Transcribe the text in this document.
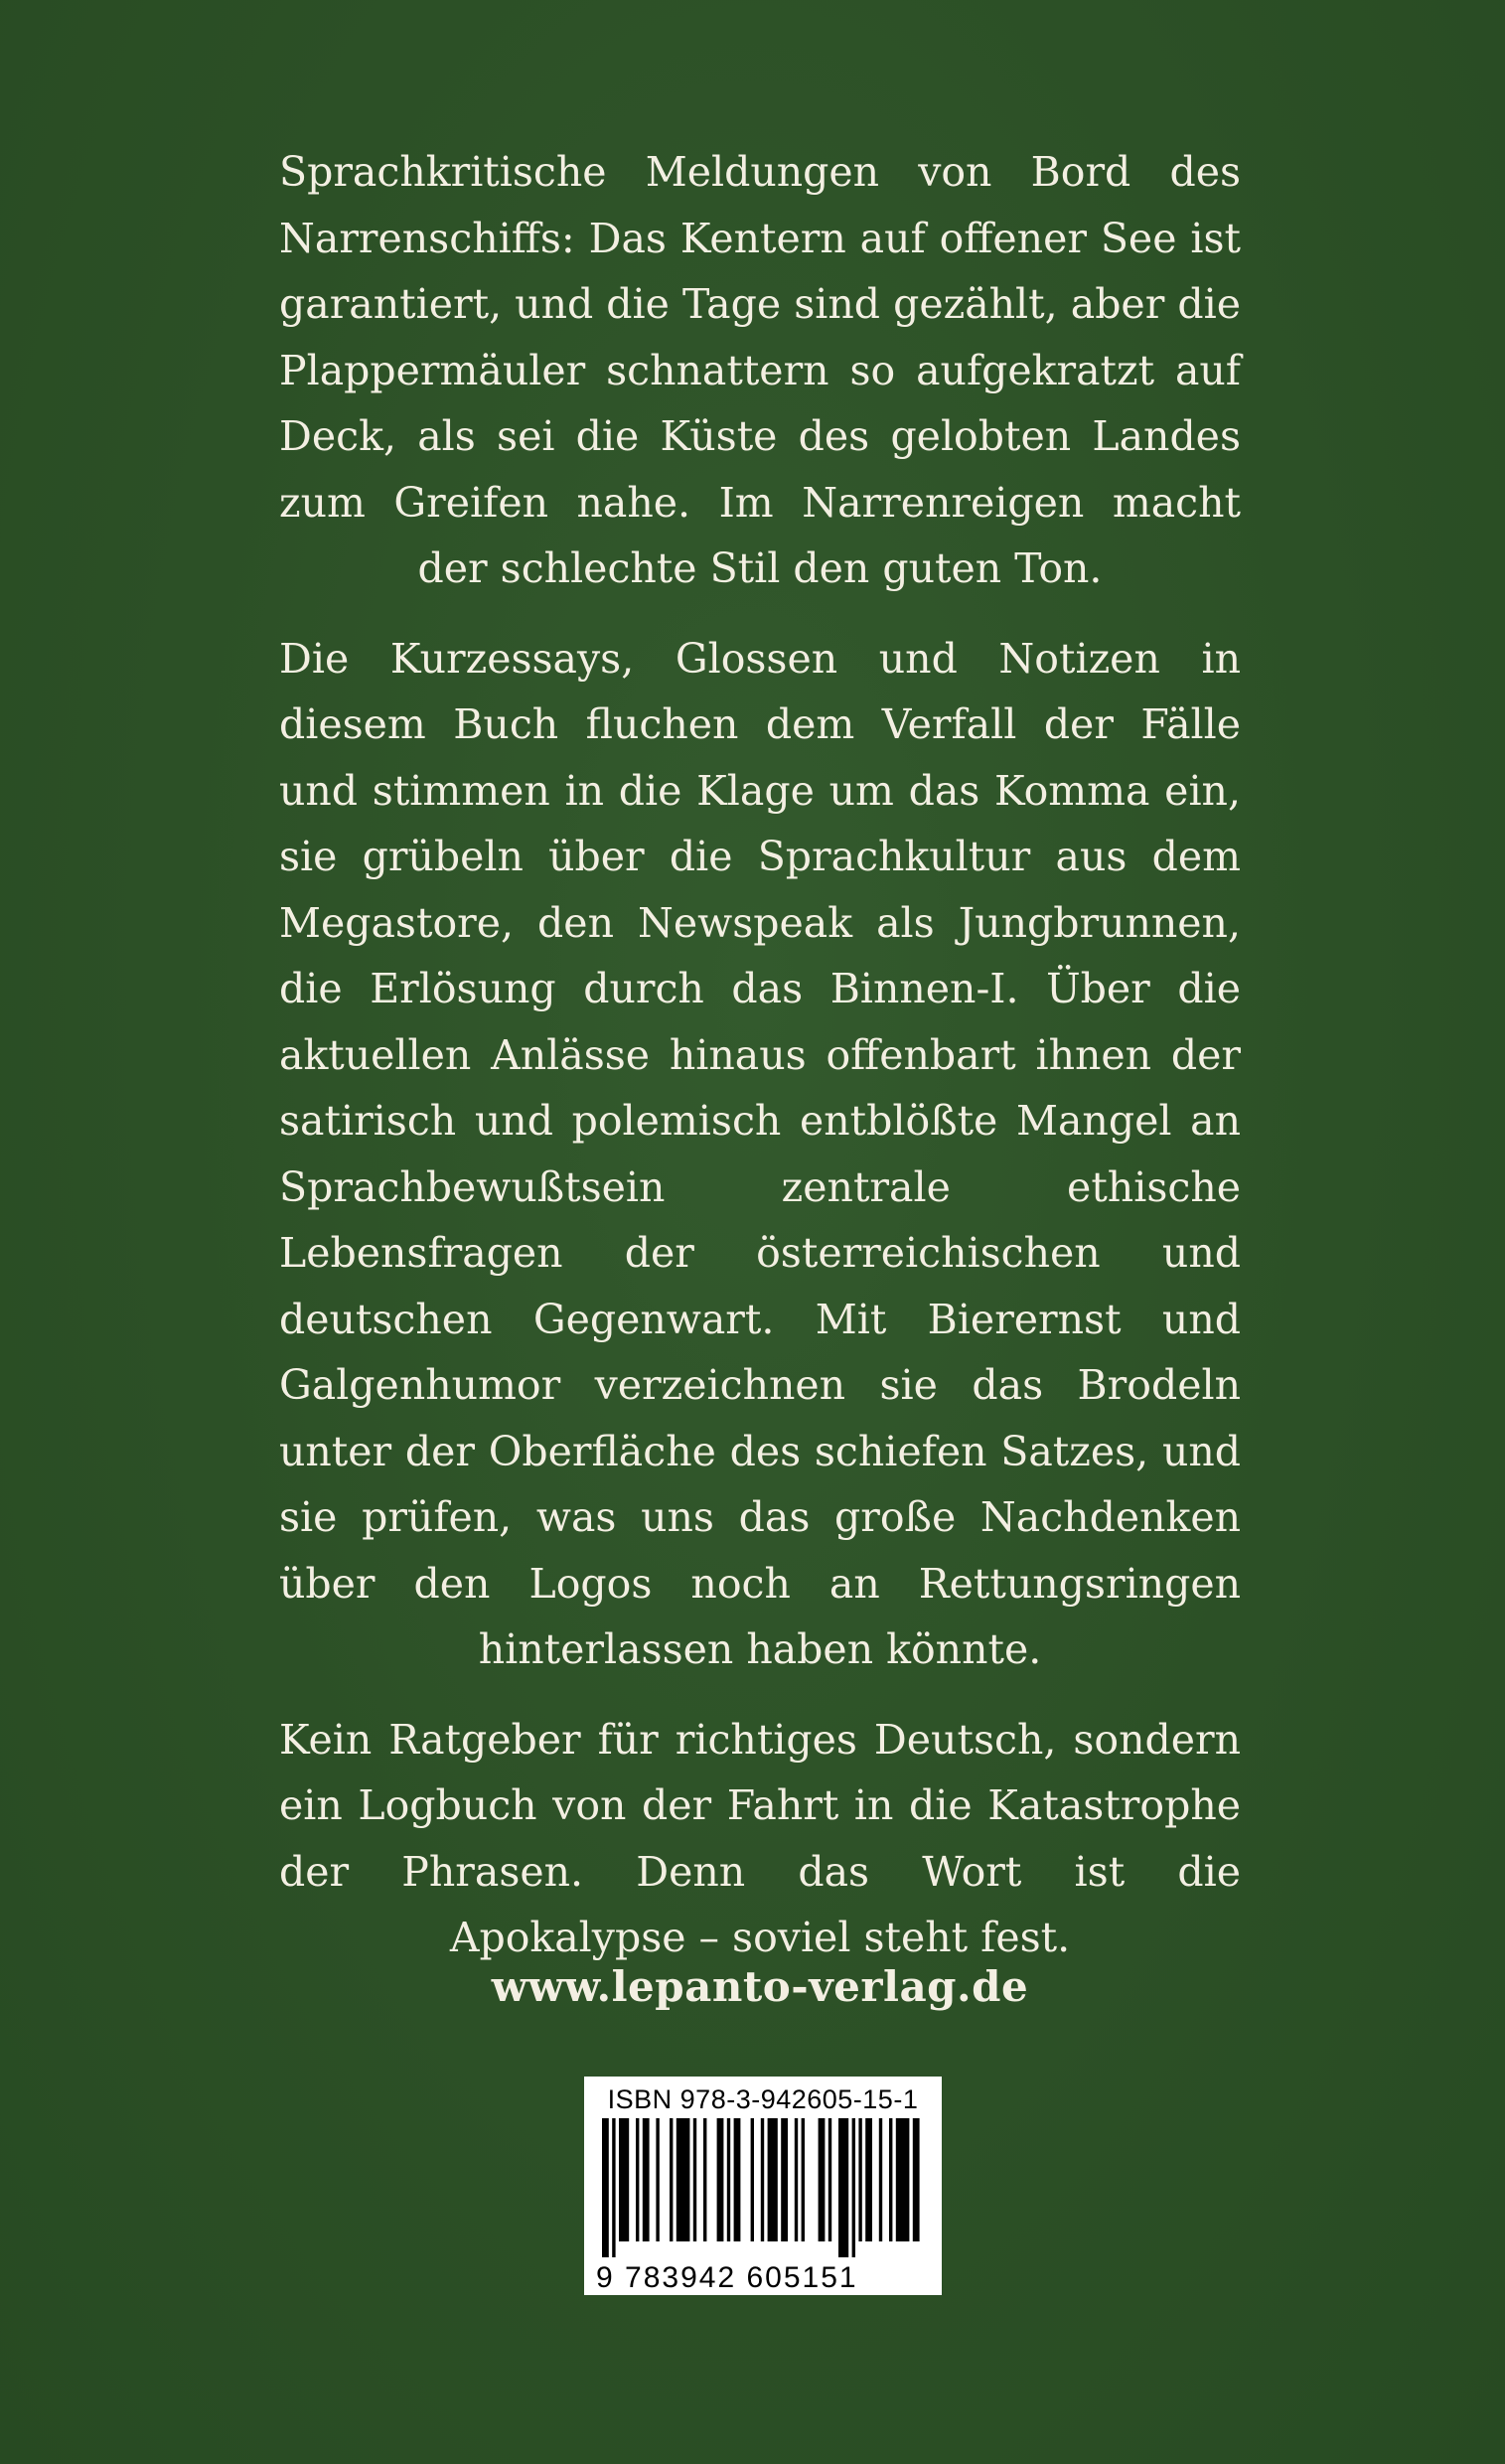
Sprachkritische Meldungen von Bord des Narrenschiffs: Das Kentern auf offener See ist garantiert, und die Tage sind gezählt, aber die Plappermäuler schnattern so aufgekratzt auf Deck, als sei die Küste des gelobten Landes zum Greifen nahe. Im Narrenreigen macht der schlechte Stil den guten Ton.

Die Kurzessays, Glossen und Notizen in diesem Buch fluchen dem Verfall der Fälle und stimmen in die Klage um das Komma ein, sie grübeln über die Sprachkultur aus dem Megastore, den Newspeak als Jungbrunnen, die Erlösung durch das Binnen-I. Über die aktuellen Anlässe hinaus offenbart ihnen der satirisch und polemisch entblößte Mangel an Sprachbewußtsein zentrale ethische Lebensfragen der österreichischen und deutschen Gegenwart. Mit Bierernst und Galgenhumor verzeichnen sie das Brodeln unter der Oberfläche des schiefen Satzes, und sie prüfen, was uns das große Nachdenken über den Logos noch an Rettungsringen hinterlassen haben könnte.

Kein Ratgeber für richtiges Deutsch, sondern ein Logbuch von der Fahrt in die Katastrophe der Phrasen. Denn das Wort ist die Apokalypse – soviel steht fest.

www.lepanto-verlag.de
ISBN 978-3-942605-15-1
9 783942 605151
